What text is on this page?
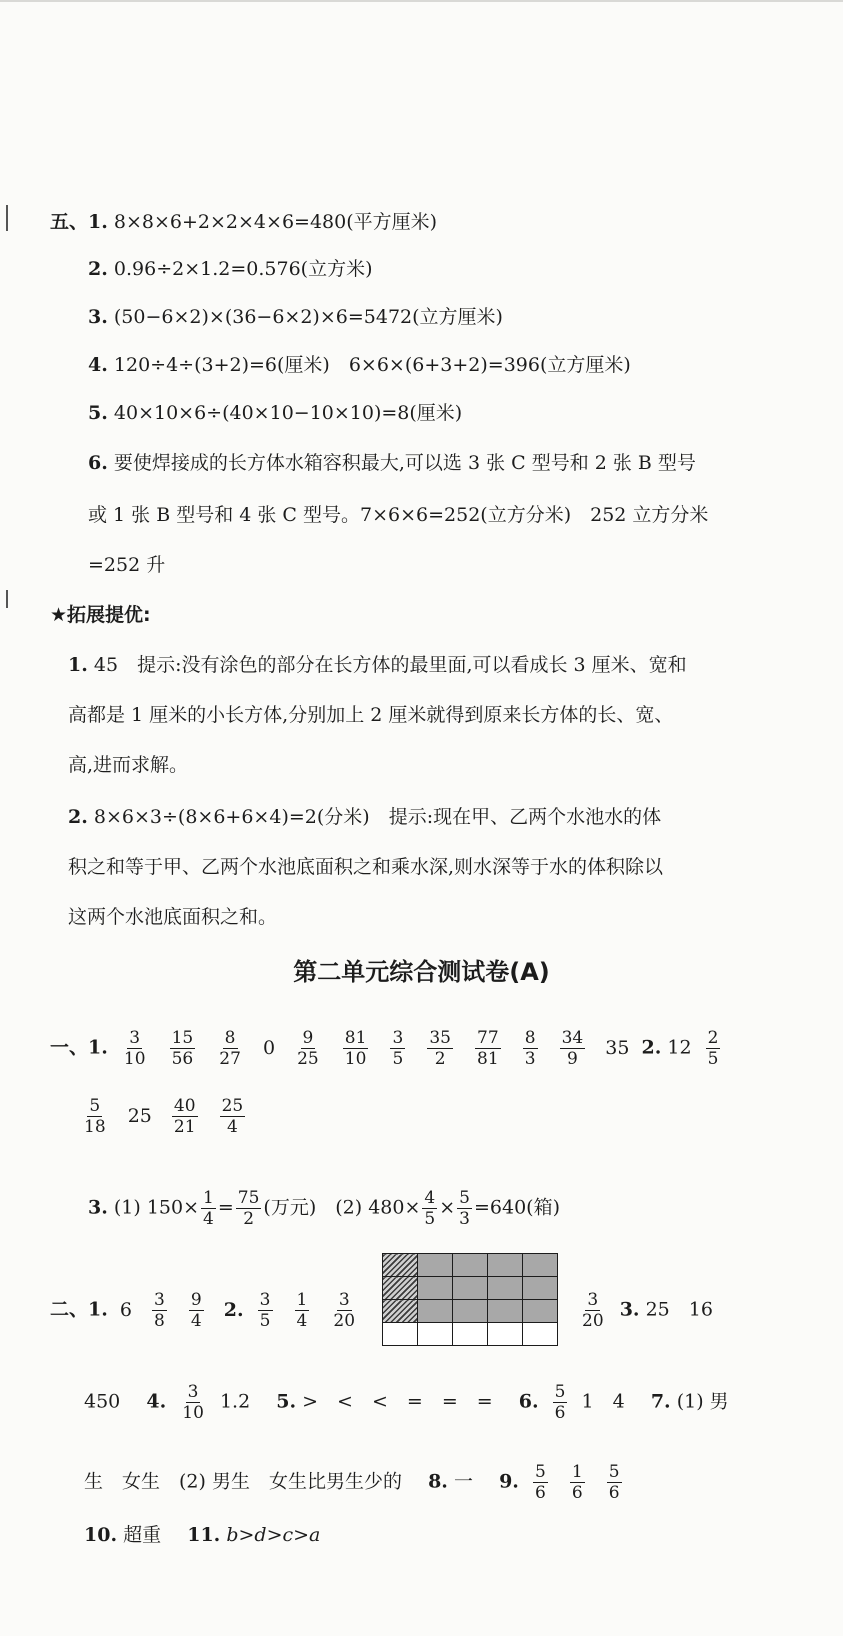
五、1. 8×8×6+2×2×4×6=480(平方厘米)
2. 0.96÷2×1.2=0.576(立方米)
3. (50−6×2)×(36−6×2)×6=5472(立方厘米)
4. 120÷4÷(3+2)=6(厘米)　6×6×(6+3+2)=396(立方厘米)
5. 40×10×6÷(40×10−10×10)=8(厘米)
6. 要使焊接成的长方体水箱容积最大,可以选 3 张 C 型号和 2 张 B 型号
或 1 张 B 型号和 4 张 C 型号。7×6×6=252(立方分米)　252 立方分米
=252 升
★拓展提优:
1. 45　提示:没有涂色的部分在长方体的最里面,可以看成长 3 厘米、宽和
高都是 1 厘米的小长方体,分别加上 2 厘米就得到原来长方体的长、宽、
高,进而求解。
2. 8×6×3÷(8×6+6×4)=2(分米)　提示:现在甲、乙两个水池水的体
积之和等于甲、乙两个水池底面积之和乘水深,则水深等于水的体积除以
这两个水池底面积之和。
第二单元综合测试卷(A)
一、1. $\frac{3}{10}$
$\frac{15}{56}$
$\frac{8}{27} 0 \frac{9}{25}$
$\frac{81}{10}$
$\frac{3}{5}$
$\frac{35}{2}$
$\frac{77}{81}$
$\frac{8}{3}$
$\frac{34}{9} 35$ 2. $12 \frac{2}{5}$
$\frac{5}{18} 25 \frac{40}{21}$
$\frac{25}{4}$
3. (1) $150\times \frac{1}{4} = \frac{75}{2}$ (万元)　(2) $480\times \frac{4}{5} \times \frac{5}{3} =640$(箱)
二、1. $6 \frac{3}{8}$
$\frac{9}{4} 2$. $\frac{3}{5}$
$\frac{1}{4}$
$\frac{3}{20}$

					$\frac{3}{20} 3$. 25　16
450 4. $\frac{3}{10} 1.2$ 5. >　<　<　=　=　= 6. $\frac{5}{6} 1$　4 7. (1) 男
生　女生　(2) 男生　女生比男生少的 8. 一 9. $\frac{5}{6}$
$\frac{1}{6}$
$\frac{5}{6}$
10. 超重 11. b>d>c>a
